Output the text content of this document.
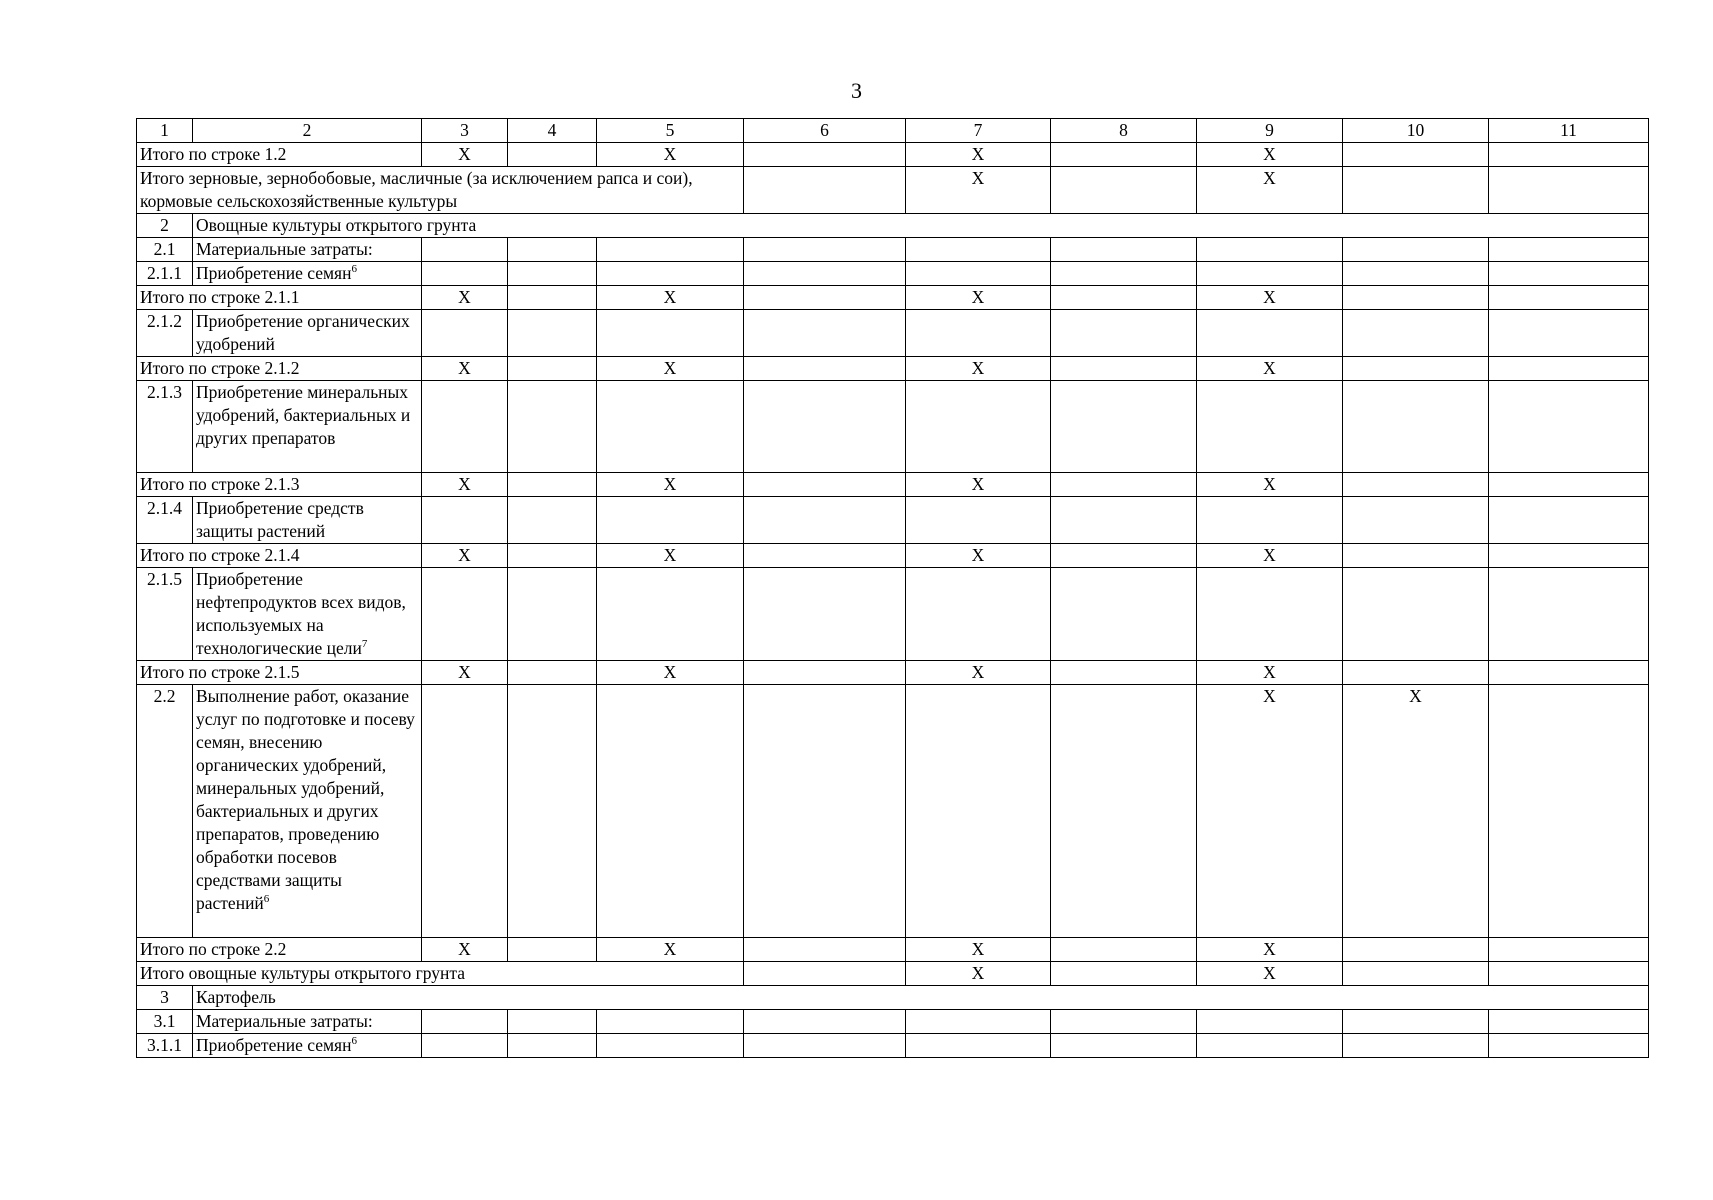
3
1	2	3	4	5	6	7	8	9	10	11
Итого по строке 1.2		X		X		X		X		
Итого зерновые, зернобобовые, масличные (за исключением рапса и сои), кормовые сельскохозяйственные культуры						X		X		
2	Овощные культуры открытого грунта									
2.1	Материальные затраты:									
2.1.1	Приобретение семян$^6$									
Итого по строке 2.1.1		X		X		X		X		
2.1.2	Приобретение органических удобрений									
Итого по строке 2.1.2		X		X		X		X		
2.1.3	Приобретение минеральных удобрений, бактериальных и других препаратов									
Итого по строке 2.1.3		X		X		X		X		
2.1.4	Приобретение средств защиты растений									
Итого по строке 2.1.4		X		X		X		X		
2.1.5	Приобретение нефтепродуктов всех видов, используемых на технологические цели$^7$									
Итого по строке 2.1.5		X		X		X		X		
2.2	Выполнение работ, оказание услуг по подготовке и посеву семян, внесению органических удобрений, минеральных удобрений, бактериальных и других препаратов, проведению обработки посевов средствами защиты растений$^6$							X	X	
Итого по строке 2.2		X		X		X		X		
Итого овощные культуры открытого грунта						X		X		
3	Картофель									
3.1	Материальные затраты:									
3.1.1	Приобретение семян$^6$									
